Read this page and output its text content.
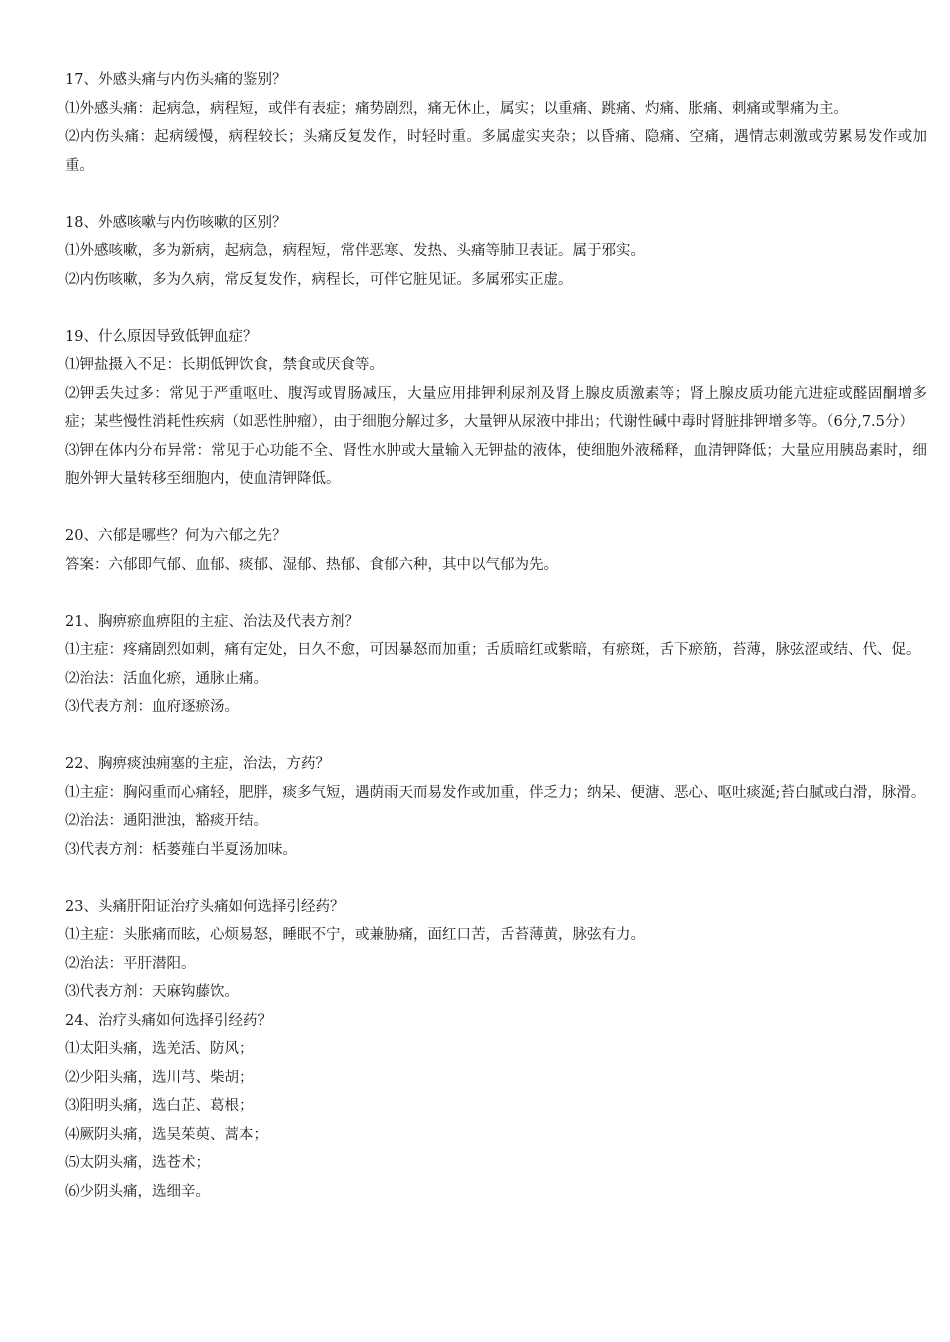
17、外感头痛与内伤头痛的鉴别？
⑴外感头痛：起病急，病程短，或伴有表症；痛势剧烈，痛无休止，属实；以重痛、跳痛、灼痛、胀痛、刺痛或掣痛为主。
⑵内伤头痛：起病缓慢，病程较长；头痛反复发作，时轻时重。多属虚实夹杂；以昏痛、隐痛、空痛，遇情志刺激或劳累易发作或加重。
18、外感咳嗽与内伤咳嗽的区别？
⑴外感咳嗽，多为新病，起病急，病程短，常伴恶寒、发热、头痛等肺卫表证。属于邪实。
⑵内伤咳嗽，多为久病，常反复发作，病程长，可伴它脏见证。多属邪实正虚。
19、什么原因导致低钾血症？
⑴钾盐摄入不足：长期低钾饮食，禁食或厌食等。
⑵钾丢失过多：常见于严重呕吐、腹泻或胃肠减压，大量应用排钾利尿剂及肾上腺皮质激素等；肾上腺皮质功能亢进症或醛固酮增多症；某些慢性消耗性疾病（如恶性肿瘤），由于细胞分解过多，大量钾从尿液中排出；代谢性碱中毒时肾脏排钾增多等。（6分,7.5分）
⑶钾在体内分布异常：常见于心功能不全、肾性水肿或大量输入无钾盐的液体，使细胞外液稀释，血清钾降低；大量应用胰岛素时，细胞外钾大量转移至细胞内，使血清钾降低。
20、六郁是哪些？何为六郁之先？
答案：六郁即气郁、血郁、痰郁、湿郁、热郁、食郁六种，其中以气郁为先。
21、胸痹瘀血痹阻的主症、治法及代表方剂？
⑴主症：疼痛剧烈如刺，痛有定处，日久不愈，可因暴怒而加重；舌质暗红或紫暗，有瘀斑，舌下瘀筋，苔薄，脉弦涩或结、代、促。
⑵治法：活血化瘀，通脉止痛。
⑶代表方剂：血府逐瘀汤。
22、胸痹痰浊痈塞的主症，治法，方药？
⑴主症：胸闷重而心痛轻，肥胖，痰多气短，遇荫雨天而易发作或加重，伴乏力；纳呆、便溏、恶心、呕吐痰涎;苔白腻或白滑，脉滑。
⑵治法：通阳泄浊，豁痰开结。
⑶代表方剂：栝蒌薤白半夏汤加味。
23、头痛肝阳证治疗头痛如何选择引经药？
⑴主症：头胀痛而眩，心烦易怒，睡眠不宁，或兼胁痛，面红口苦，舌苔薄黄，脉弦有力。
⑵治法：平肝潜阳。
⑶代表方剂：天麻钩藤饮。
24、治疗头痛如何选择引经药？
⑴太阳头痛，选羌活、防风；
⑵少阳头痛，选川芎、柴胡；
⑶阳明头痛，选白芷、葛根；
⑷厥阴头痛，选吴茱萸、蒿本；
⑸太阴头痛，选苍术；
⑹少阴头痛，选细辛。
